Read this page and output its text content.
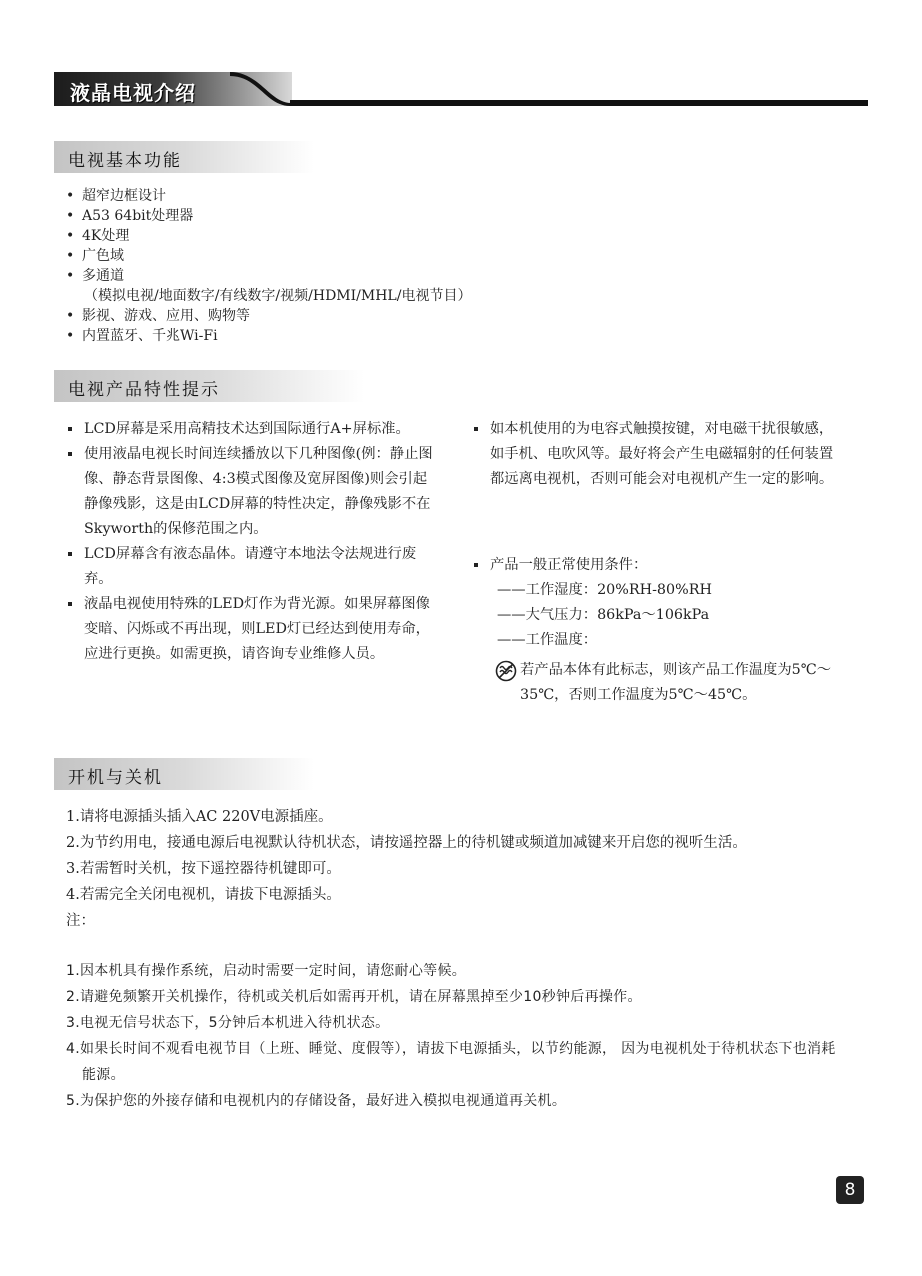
液晶电视介绍
电视基本功能
• 超窄边框设计
• A53 64bit处理器
• 4K处理
• 广色域
• 多通道
（模拟电视/地面数字/有线数字/视频/HDMI/MHL/电视节目）
• 影视、游戏、应用、购物等
• 内置蓝牙、千兆Wi-Fi
电视产品特性提示
LCD屏幕是采用高精技术达到国际通行A+屏标准。
使用液晶电视长时间连续播放以下几种图像(例：静止图像、静态背景图像、4:3模式图像及宽屏图像)则会引起静像残影，这是由LCD屏幕的特性决定，静像残影不在Skyworth的保修范围之内。
LCD屏幕含有液态晶体。请遵守本地法令法规进行废弃。
液晶电视使用特殊的LED灯作为背光源。如果屏幕图像变暗、闪烁或不再出现，则LED灯已经达到使用寿命，应进行更换。如需更换，请咨询专业维修人员。
如本机使用的为电容式触摸按键，对电磁干扰很敏感，如手机、电吹风等。最好将会产生电磁辐射的任何装置都远离电视机，否则可能会对电视机产生一定的影响。
产品一般正常使用条件：
——工作湿度：20%RH-80%RH
——大气压力：86kPa～106kPa
——工作温度：
若产品本体有此标志，则该产品工作温度为5℃～35℃，否则工作温度为5℃～45℃。
开机与关机
1.请将电源插头插入AC 220V电源插座。
2.为节约用电，接通电源后电视默认待机状态，请按遥控器上的待机键或频道加减键来开启您的视听生活。
3.若需暂时关机，按下遥控器待机键即可。
4.若需完全关闭电视机，请拔下电源插头。
注：
1.因本机具有操作系统，启动时需要一定时间，请您耐心等候。
2.请避免频繁开关机操作，待机或关机后如需再开机，请在屏幕黑掉至少10秒钟后再操作。
3.电视无信号状态下，5分钟后本机进入待机状态。
4.如果长时间不观看电视节目（上班、睡觉、度假等），请拔下电源插头，以节约能源， 因为电视机处于待机状态下也消耗能源。
5.为保护您的外接存储和电视机内的存储设备，最好进入模拟电视通道再关机。
8
